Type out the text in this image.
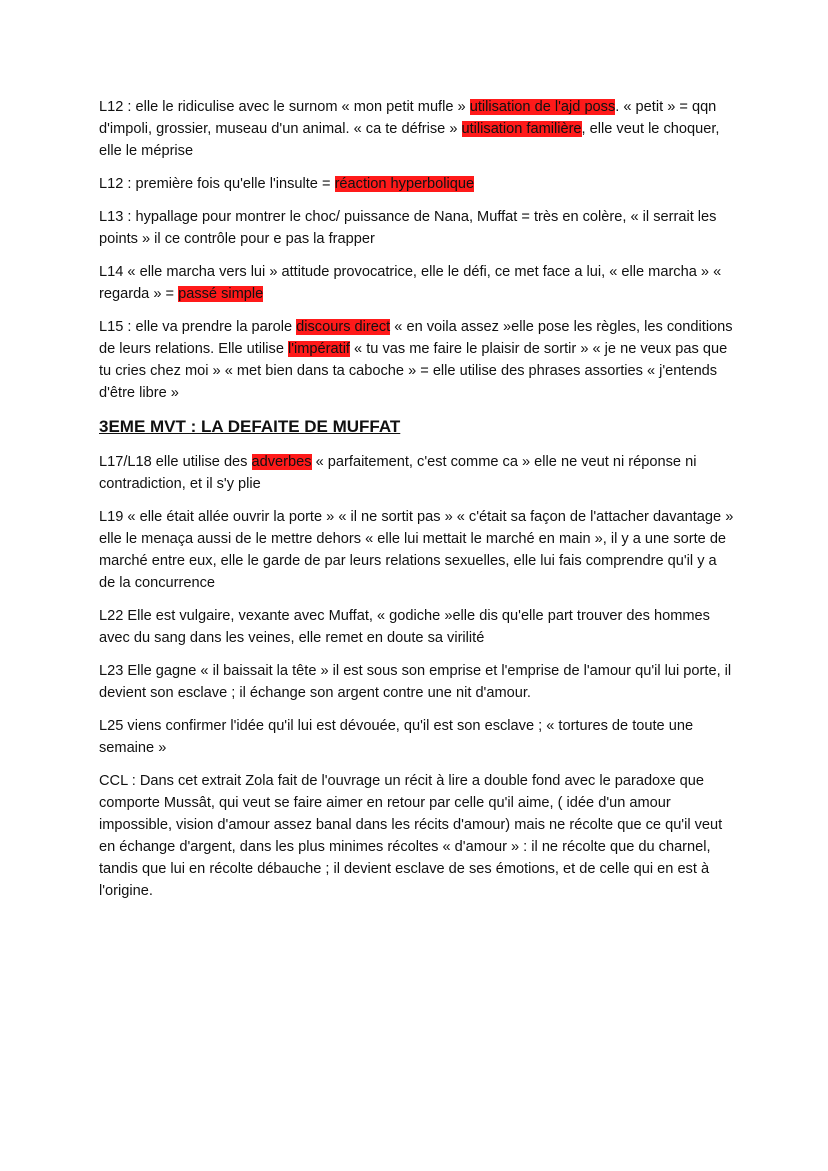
L12 : elle le ridiculise avec le surnom « mon petit mufle » utilisation de l'ajd poss. « petit » = qqn d'impoli, grossier, museau d'un animal. « ca te défrise » utilisation familière, elle veut le choquer, elle le méprise

L12 : première fois qu'elle l'insulte = réaction hyperbolique

L13 : hypallage pour montrer le choc/ puissance de Nana, Muffat = très en colère, « il serrait les points » il ce contrôle pour e pas la frapper

L14 « elle marcha vers lui » attitude provocatrice, elle le défi, ce met face a lui, « elle marcha » « regarda » = passé simple

L15 : elle va prendre la parole discours direct « en voila assez »elle pose les règles, les conditions de leurs relations. Elle utilise l'impératif « tu vas me faire le plaisir de sortir » « je ne veux pas que tu cries chez moi » « met bien dans ta caboche » = elle utilise des phrases assorties « j'entends d'être libre »

3EME MVT : LA DEFAITE DE MUFFAT

L17/L18 elle utilise des adverbes « parfaitement, c'est comme ca » elle ne veut ni réponse ni contradiction, et il s'y plie

L19 « elle était allée ouvrir la porte » « il ne sortit pas » « c'était sa façon de l'attacher davantage » elle le menaça aussi de le mettre dehors « elle lui mettait le marché en main », il y a une sorte de marché entre eux, elle le garde de par leurs relations sexuelles, elle lui fais comprendre qu'il y a de la concurrence

L22 Elle est vulgaire, vexante avec Muffat, « godiche »elle dis qu'elle part trouver des hommes avec du sang dans les veines, elle remet en doute sa virilité

L23 Elle gagne « il baissait la tête » il est sous son emprise et l'emprise de l'amour qu'il lui porte, il devient son esclave ; il échange son argent contre une nit d'amour.

L25 viens confirmer l'idée qu'il lui est dévouée, qu'il est son esclave ; « tortures de toute une semaine »

CCL : Dans cet extrait Zola fait de l'ouvrage un récit à lire a double fond avec le paradoxe que comporte Mussât, qui veut se faire aimer en retour par celle qu'il aime, ( idée d'un amour impossible, vision d'amour assez banal dans les récits d'amour) mais ne récolte que ce qu'il veut en échange d'argent, dans les plus minimes récoltes « d'amour » : il ne récolte que du charnel, tandis que lui en récolte débauche ; il devient esclave de ses émotions, et de celle qui en est à l'origine.
